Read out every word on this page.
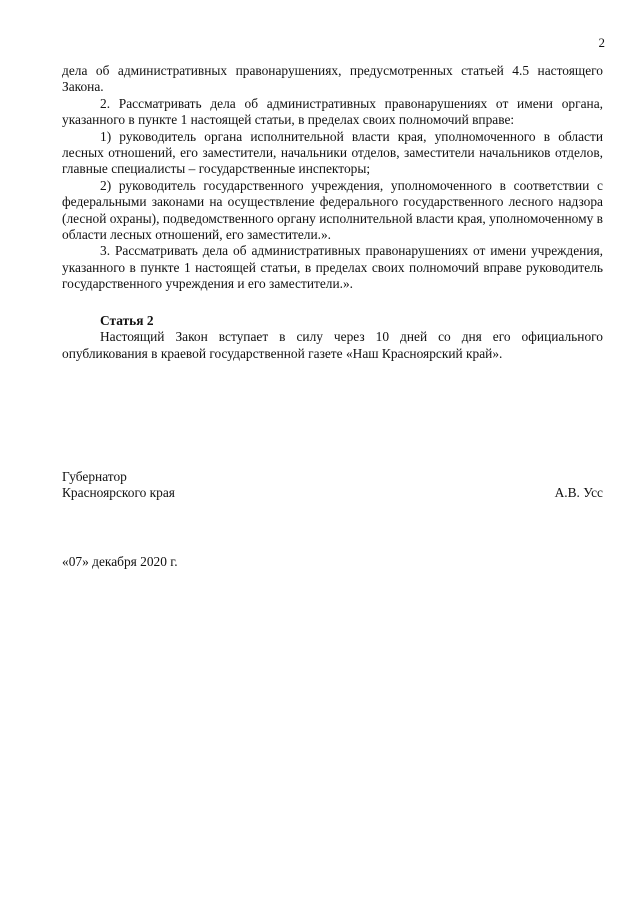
2

дела об административных правонарушениях, предусмотренных статьей 4.5 настоящего Закона.

2. Рассматривать дела об административных правонарушениях от имени органа, указанного в пункте 1 настоящей статьи, в пределах своих полномочий вправе:

1) руководитель органа исполнительной власти края, уполномоченного в области лесных отношений, его заместители, начальники отделов, заместители начальников отделов, главные специалисты – государственные инспекторы;

2) руководитель государственного учреждения, уполномоченного в соответствии с федеральными законами на осуществление федерального государственного лесного надзора (лесной охраны), подведомственного органу исполнительной власти края, уполномоченному в области лесных отношений, его заместители.».

3. Рассматривать дела об административных правонарушениях от имени учреждения, указанного в пункте 1 настоящей статьи, в пределах своих полномочий вправе руководитель государственного учреждения и его заместители.».

Статья 2

Настоящий Закон вступает в силу через 10 дней со дня его официального опубликования в краевой государственной газете «Наш Красноярский край».

Губернатор
Красноярского края	А.В. Усс
«07» декабря 2020 г.
